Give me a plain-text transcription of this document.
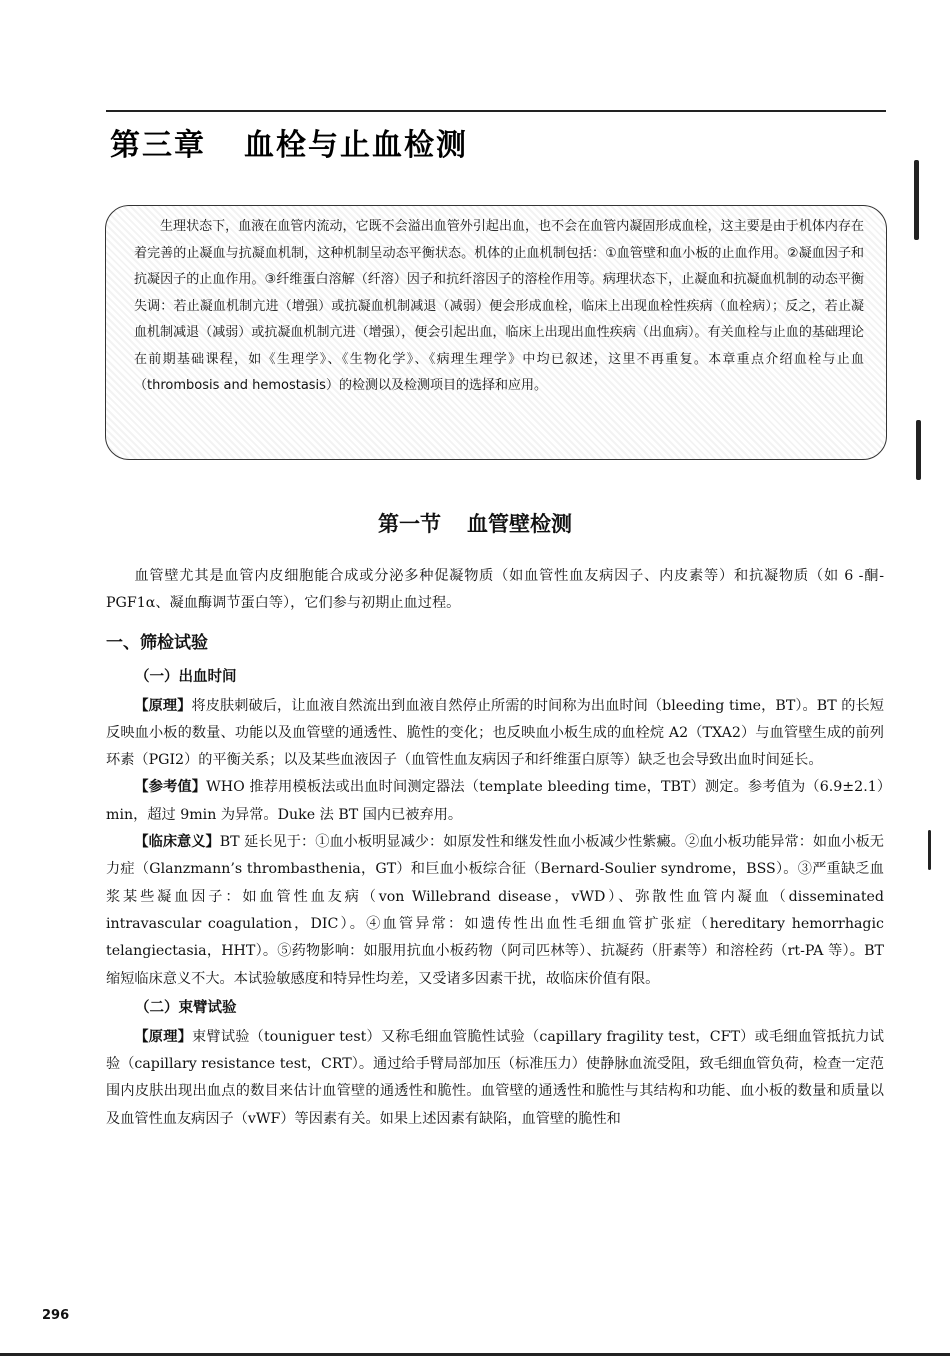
第三章 血栓与止血检测

生理状态下，血液在血管内流动，它既不会溢出血管外引起出血，也不会在血管内凝固形成血栓，这主要是由于机体内存在着完善的止凝血与抗凝血机制，这种机制呈动态平衡状态。机体的止血机制包括：①血管壁和血小板的止血作用。②凝血因子和抗凝因子的止血作用。③纤维蛋白溶解（纤溶）因子和抗纤溶因子的溶栓作用等。病理状态下，止凝血和抗凝血机制的动态平衡失调：若止凝血机制亢进（增强）或抗凝血机制减退（减弱）便会形成血栓，临床上出现血栓性疾病（血栓病）；反之，若止凝血机制减退（减弱）或抗凝血机制亢进（增强），便会引起出血，临床上出现出血性疾病（出血病）。有关血栓与止血的基础理论在前期基础课程，如《生理学》、《生物化学》、《病理生理学》中均已叙述，这里不再重复。本章重点介绍血栓与止血（thrombosis and hemostasis）的检测以及检测项目的选择和应用。

第一节 血管壁检测

血管壁尤其是血管内皮细胞能合成或分泌多种促凝物质（如血管性血友病因子、内皮素等）和抗凝物质（如 6 -酮- PGF1α、凝血酶调节蛋白等），它们参与初期止血过程。

一、筛检试验
（一）出血时间

【原理】将皮肤刺破后，让血液自然流出到血液自然停止所需的时间称为出血时间（bleeding time，BT）。BT 的长短反映血小板的数量、功能以及血管壁的通透性、脆性的变化；也反映血小板生成的血栓烷 A2（TXA2）与血管壁生成的前列环素（PGI2）的平衡关系；以及某些血液因子（血管性血友病因子和纤维蛋白原等）缺乏也会导致出血时间延长。

【参考值】WHO 推荐用模板法或出血时间测定器法（template bleeding time，TBT）测定。参考值为（6.9±2.1）min，超过 9min 为异常。Duke 法 BT 国内已被弃用。

【临床意义】BT 延长见于：①血小板明显减少：如原发性和继发性血小板减少性紫癜。②血小板功能异常：如血小板无力症（Glanzmann’s thrombasthenia，GT）和巨血小板综合征（Bernard-Soulier syndrome，BSS）。③严重缺乏血浆某些凝血因子：如血管性血友病（von Willebrand disease，vWD）、弥散性血管内凝血（disseminated intravascular coagulation，DIC）。④血管异常：如遗传性出血性毛细血管扩张症（hereditary hemorrhagic telangiectasia，HHT）。⑤药物影响：如服用抗血小板药物（阿司匹林等）、抗凝药（肝素等）和溶栓药（rt-PA 等）。BT 缩短临床意义不大。本试验敏感度和特异性均差，又受诸多因素干扰，故临床价值有限。

（二）束臂试验

【原理】束臂试验（touniguer test）又称毛细血管脆性试验（capillary fragility test，CFT）或毛细血管抵抗力试验（capillary resistance test，CRT）。通过给手臂局部加压（标准压力）使静脉血流受阻，致毛细血管负荷，检查一定范围内皮肤出现出血点的数目来估计血管壁的通透性和脆性。血管壁的通透性和脆性与其结构和功能、血小板的数量和质量以及血管性血友病因子（vWF）等因素有关。如果上述因素有缺陷，血管壁的脆性和

296
